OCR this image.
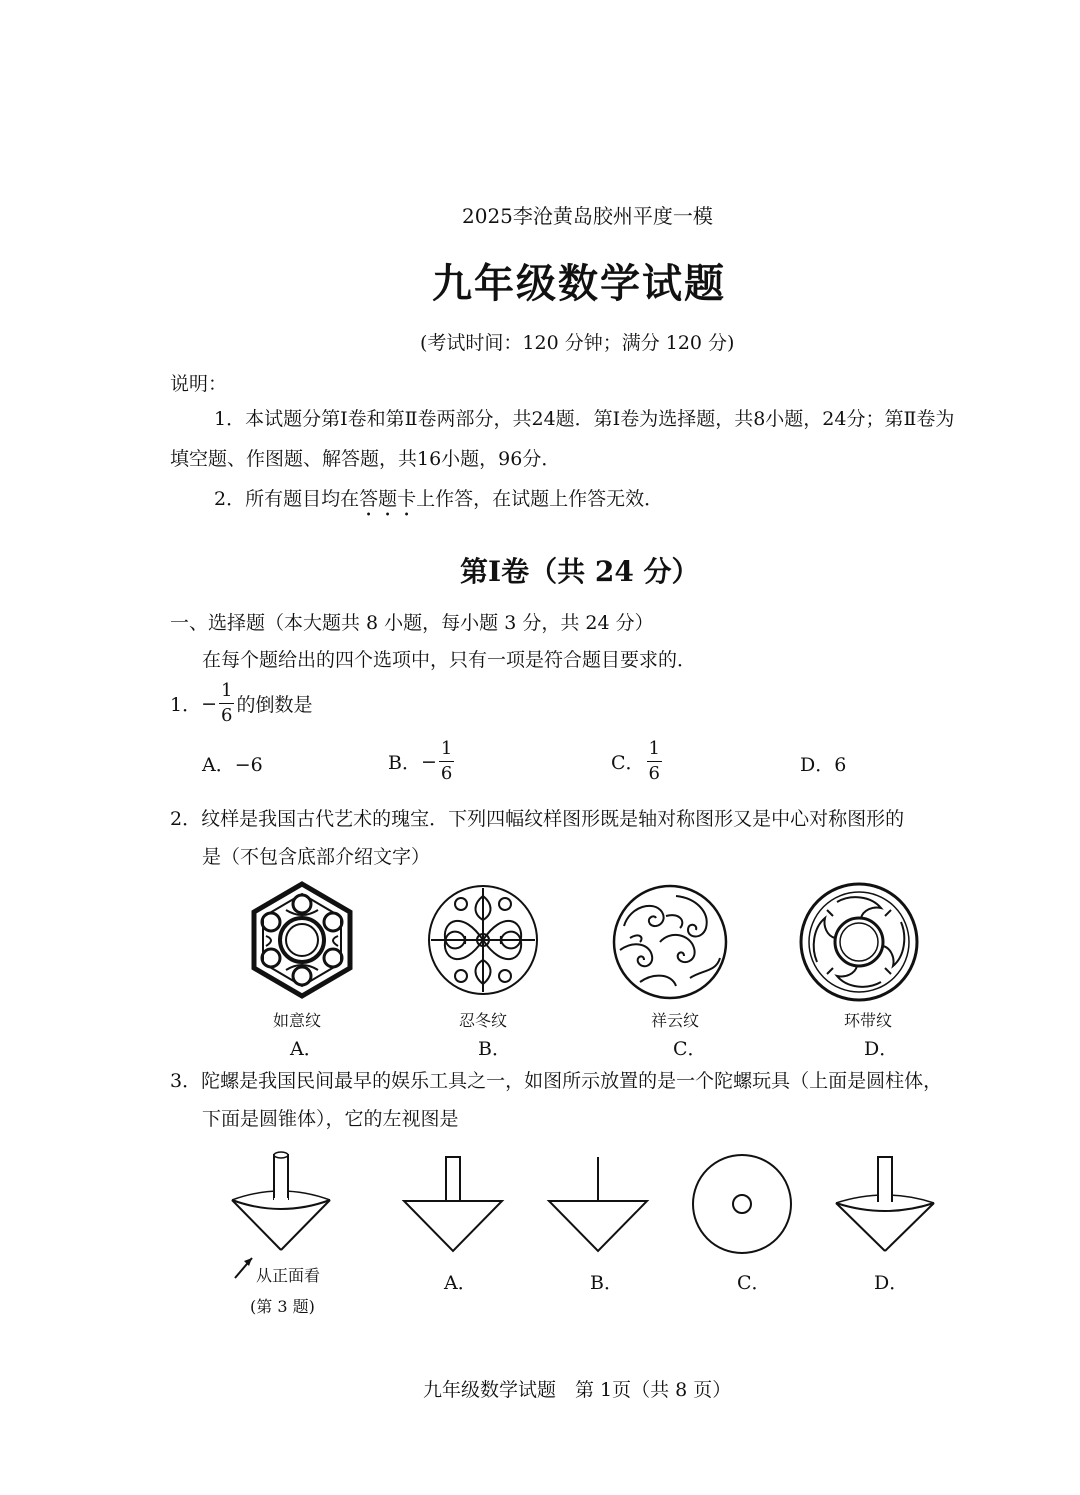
2025李沧黄岛胶州平度一模
九年级数学试题
(考试时间：120 分钟；满分 120 分)
说明：
1．本试题分第Ⅰ卷和第Ⅱ卷两部分，共24题．第Ⅰ卷为选择题，共8小题，24分；第Ⅱ卷为
填空题、作图题、解答题，共16小题，96分．
2．所有题目均在答题卡上作答，在试题上作答无效．
第Ⅰ卷（共 24 分）
一、选择题（本大题共 8 小题，每小题 3 分，共 24 分）
在每个题给出的四个选项中，只有一项是符合题目要求的．
1． − $\frac{1}{6}$ 的倒数是
A．−6	B． − $\frac{1}{6}$	C． $\frac{1}{6}$	D．6
2．纹样是我国古代艺术的瑰宝．下列四幅纹样图形既是轴对称图形又是中心对称图形的
是（不包含底部介绍文字）
如意纹
A．
忍冬纹
B．
祥云纹
C．
环带纹
D．
3．陀螺是我国民间最早的娱乐工具之一，如图所示放置的是一个陀螺玩具（上面是圆柱体，
下面是圆锥体），它的左视图是
从正面看
(第 3 题)
A．	B．	C．	D．
九年级数学试题　第 1页（共 8 页）
